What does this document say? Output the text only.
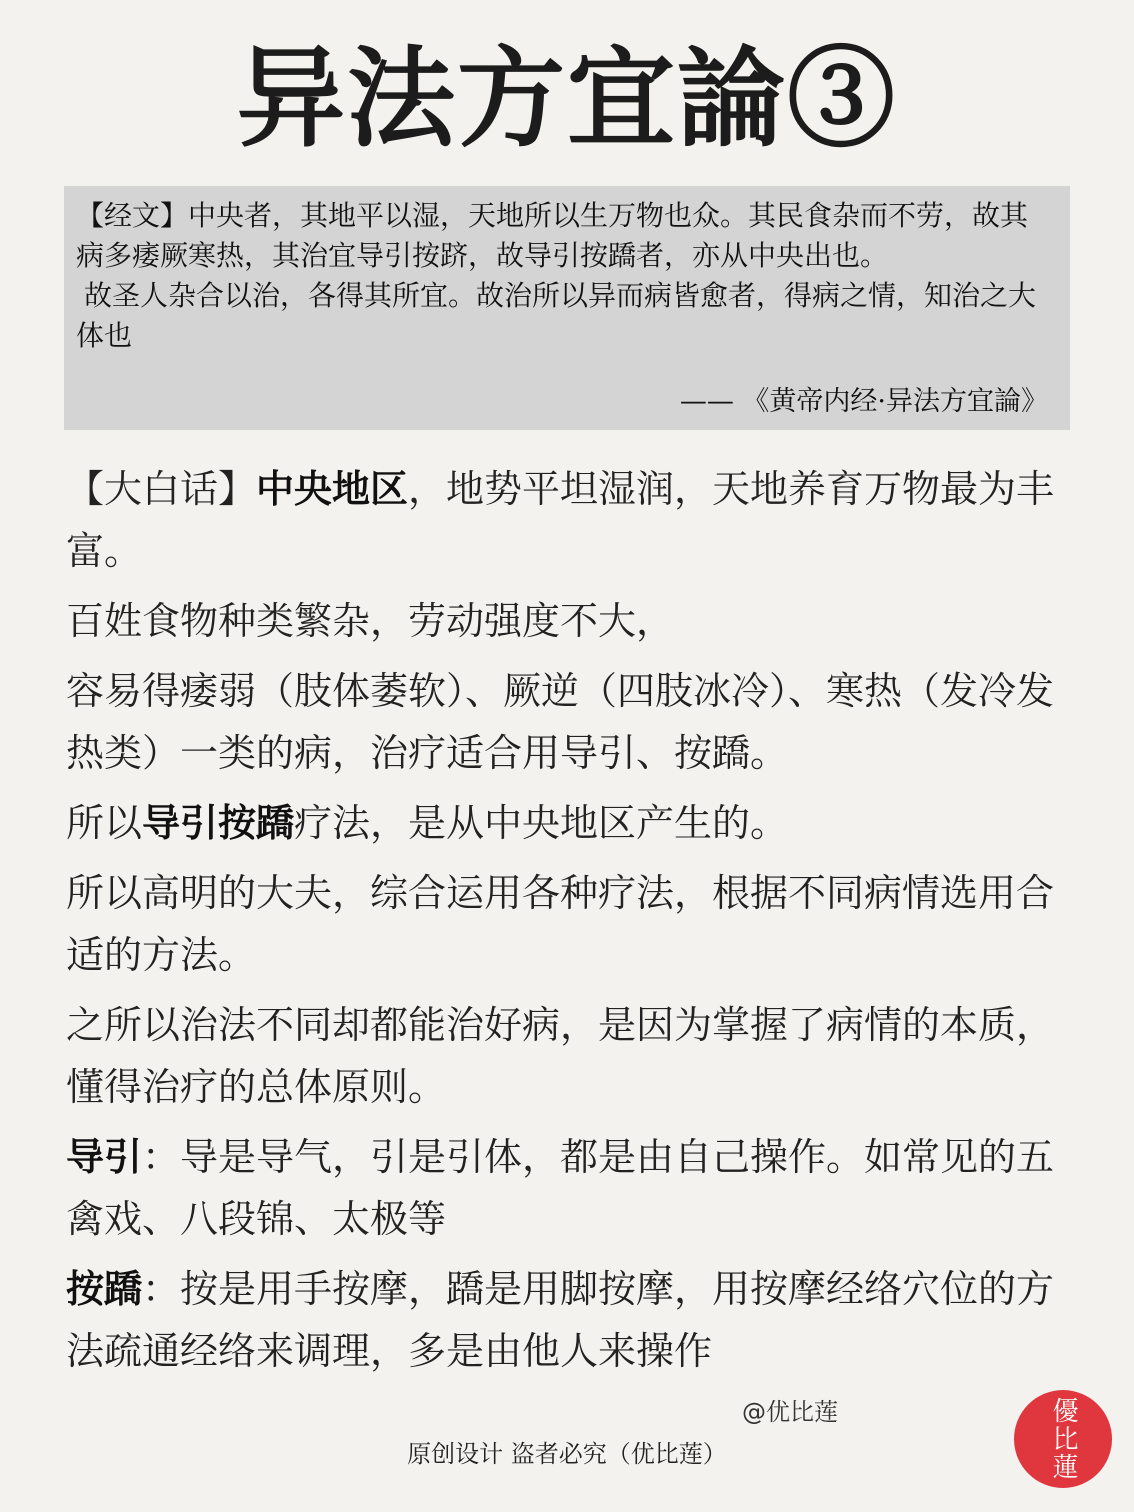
异法方宜論③

【经文】中央者，其地平以湿，天地所以生万物也众。其民食杂而不劳，故其病多痿厥寒热，其治宜导引按跻，故导引按蹻者，亦从中央出也。

故圣人杂合以治，各得其所宜。故治所以异而病皆愈者，得病之情，知治之大体也

—— 《黄帝内经·异法方宜論》

【大白话】中央地区，地势平坦湿润，天地养育万物最为丰富。

百姓食物种类繁杂，劳动强度不大，

容易得痿弱（肢体萎软）、厥逆（四肢冰冷）、寒热（发冷发热类）一类的病，治疗适合用导引、按蹻。

所以导引按蹻疗法，是从中央地区产生的。

所以高明的大夫，综合运用各种疗法，根据不同病情选用合适的方法。

之所以治法不同却都能治好病，是因为掌握了病情的本质，懂得治疗的总体原则。

导引：导是导气，引是引体，都是由自己操作。如常见的五禽戏、八段锦、太极等

按蹻：按是用手按摩，蹻是用脚按摩，用按摩经络穴位的方法疏通经络来调理，多是由他人来操作

@优比莲
原创设计 盗者必究（优比莲）	優比蓮
